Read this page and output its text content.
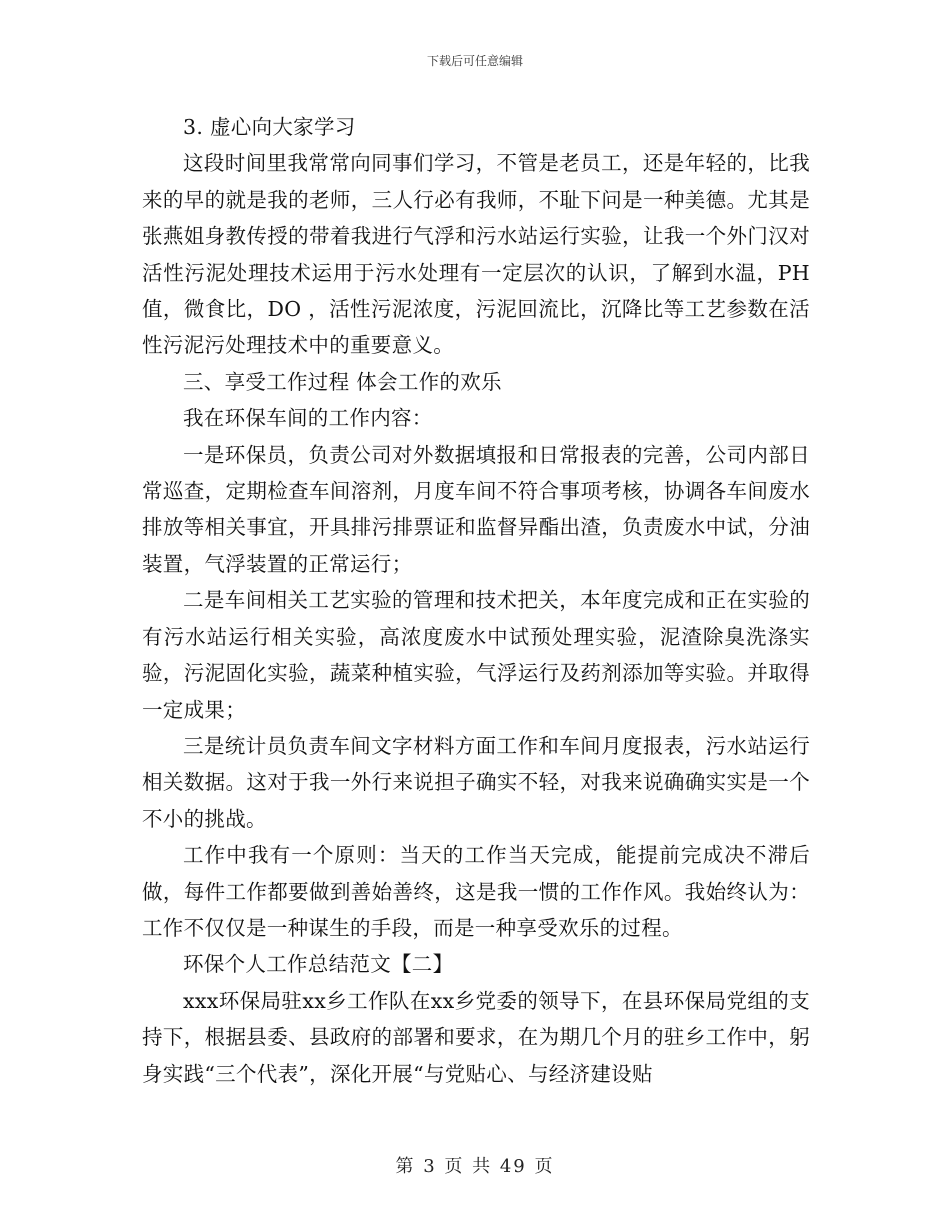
下载后可任意编辑

3. 虚心向大家学习

这段时间里我常常向同事们学习，不管是老员工，还是年轻的，比我来的早的就是我的老师，三人行必有我师，不耻下问是一种美德。尤其是张燕姐身教传授的带着我进行气浮和污水站运行实验，让我一个外门汉对活性污泥处理技术运用于污水处理有一定层次的认识，了解到水温，PH值，微食比，DO ，活性污泥浓度，污泥回流比，沉降比等工艺参数在活性污泥污处理技术中的重要意义。

三、享受工作过程 体会工作的欢乐

我在环保车间的工作内容：

一是环保员，负责公司对外数据填报和日常报表的完善，公司内部日常巡查，定期检查车间溶剂，月度车间不符合事项考核，协调各车间废水排放等相关事宜，开具排污排票证和监督异酯出渣，负责废水中试，分油装置，气浮装置的正常运行；

二是车间相关工艺实验的管理和技术把关，本年度完成和正在实验的有污水站运行相关实验，高浓度废水中试预处理实验，泥渣除臭洗涤实验，污泥固化实验，蔬菜种植实验，气浮运行及药剂添加等实验。并取得一定成果；

三是统计员负责车间文字材料方面工作和车间月度报表，污水站运行相关数据。这对于我一外行来说担子确实不轻，对我来说确确实实是一个不小的挑战。

工作中我有一个原则：当天的工作当天完成，能提前完成决不滞后做，每件工作都要做到善始善终，这是我一惯的工作作风。我始终认为：工作不仅仅是一种谋生的手段，而是一种享受欢乐的过程。

环保个人工作总结范文【二】

xxx环保局驻xx乡工作队在xx乡党委的领导下，在县环保局党组的支持下，根据县委、县政府的部署和要求，在为期几个月的驻乡工作中，躬身实践“三个代表”，深化开展“与党贴心、与经济建设贴

第 3 页 共 49 页
